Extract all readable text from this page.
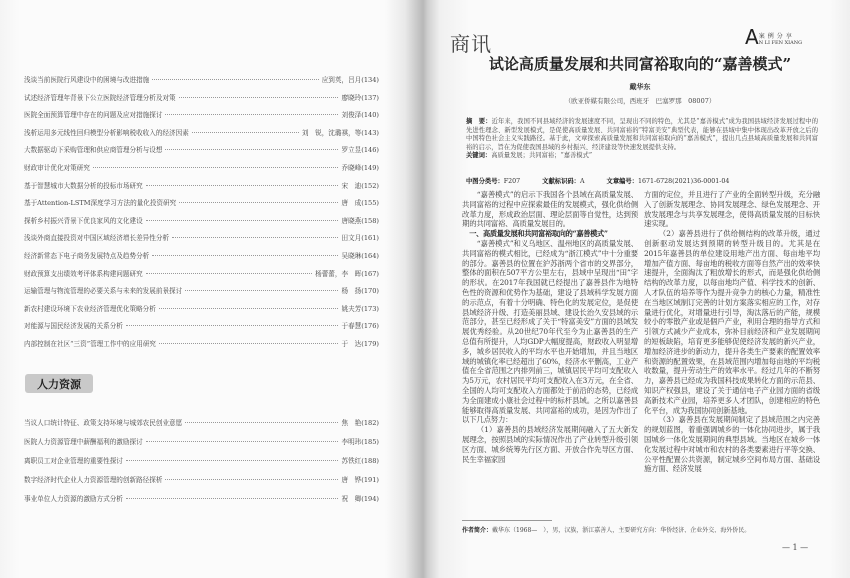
浅谈当前医院行风建设中的困境与改进措施	应到英，吕月 (134)
试述经济管理年背景下公立医院经济管理分析及对策	廖晓玲 (137)
医院全面预算管理中存在的问题及应对措施探讨	刘俊泽 (140)
浅析运用多元线性回归模型分析影响税收收入的经济因素	刘　锐，沈璐祺，等 (143)
大数据驱动下采购管理和供应商管理分析与设想	罗立昱 (146)
财政审计优化对策研究	乔晓峰 (149)
基于智慧城市大数据分析的投标市场研究	宋　迪 (152)
基于Attention-LSTM深度学习方法的量化投资研究	唐　成 (155)
探析乡村振兴背景下优良家风的文化建设	唐晓燕 (158)
浅谈外商直接投资对中国区域经济增长差异性分析	田文月 (161)
经济新常态下电子商务发展特点及趋势分析	吴晓琳 (164)
财政预算支出绩效考评体系构建问题研究	杨蕾蕾，李　晖 (167)
运输管理与物流管理的必要关系与未来的发展前景探讨	杨　扬 (170)
新农村建设环境下农业经济管理优化策略分析	姚夫芳 (173)
对能源与国民经济发展的关系分析	于春慧 (176)
内部控制在社区“三资”管理工作中的应用研究	于　达 (179)
人力资源
当议人口统计特征、政策支持环境与城郊农民创业意愿	焦　艳 (182)
医院人力资源管理中薪酬福利的激励探讨	李明玮 (185)
离职员工对企业管理的重要性探讨	苏铁红 (188)
数字经济时代企业人力资源管理的创新路径探析	唐　铧 (191)
事业单位人力资源的激励方式分析	祝　卿 (194)
商讯	A 案例分享
N LI FEN XIANG
试论高质量发展和共同富裕取向的“嘉善模式”
戴华东
（欧亚侨媒有限公司，西班牙　巴塞罗那　08007）
摘　要：近年来，我国不同县域经济的发展速度不同，呈现出不同的特色，尤其是“嘉善模式”成为我国县域经济发展过程中的先进性理念、新型发展模式，是促使高质量发展、共同富裕的“特富美安”典型代表，能够在县域中集中体现出改革开放之后的中国特色社会主义实践路径。基于此，文章探索高质量发展和共同富裕取向的“嘉善模式”，提出几点县域高质量发展和共同富裕的启示，旨在为促使我国县域的乡村振兴、经济建设等快速发展提供支持。
关键词：高质量发展；共同富裕；“嘉善模式”
中图分类号：F207	文献标识码：A	文章编号：1671-6728(2021)36-0001-04

“嘉善模式”的启示下我国各个县域在高质量发展、共同富裕的过程中应探索最佳的发展模式，强化供给侧改革力度，形成政治层面、理论层面等自觉性，达到预期的共同富裕、高质量发展目的。

一、高质量发展和共同富裕取向的“嘉善模式”

“嘉善模式”和义乌地区、温州地区的高质量发展、共同富裕的模式相比，已经成为“浙江模式”中十分重要的部分。嘉善县的位置在沪苏浙两个省市的交界部分，整体的面积在507平方公里左右，县域中呈现出“田”字的形状。在2017年我国就已经提出了嘉善县作为地特色性的资源和优势作为基础，建设了县域科学发展方面的示范点，有着十分明确、特色化的发展定位，是促使县域经济升级、打造美丽县域、建设长治久安县域的示范部分，甚至已经形成了关于“特富美安”方面的县域发展优秀经验。从20世纪70年代至今为止嘉善县的生产总值有所提升，人均GDP大幅度提高，财政收入明显增多，城乡居民收入的平均水平也开始增加，并且当地区域的城镇化率已经超出了60%，经济水平删高，工业产值在全省范围之内排列前三，城镇居民平均可支配收入为5万元，农村居民平均可支配收入在3万元，在全省、全国的人均可支配收入方面都处于前沿的态势，已经成为全面建成小康社会过程中的标杆县域。之所以嘉善县能够取得高质量发展、共同富裕的成功，是因为作出了以下几点努力：

（1）嘉善县的县域经济发展期间融入了五大新发展理念，按照县域的实际情况作出了产业转型升级引领区方面、城乡统筹先行区方面、开放合作先导区方面、民生幸福家园

方面的定位，并且进行了产业的全面转型升级，充分融入了创新发展理念、协同发展理念、绿色发展理念、开放发展理念与共享发展理念，使得高质量发展的目标快速实现。

（2）嘉善县进行了供给侧结构的改革升级，通过创新驱动发展达到预期的转型升级目的。尤其是在2015年嘉善县的单位建设用地产出方面、每亩地平均增加产值方面、每亩地的税收方面等自然产出的效率快速提升，全面淘汰了粗放增长的形式，而是强化供给侧结构的改革力度，以每亩地均产值、科学技术的创新、人才队伍的培养等作为提升竞争力的核心力量，精准性在当地区域制订完善的计划方案落实相应的工作，对存量进行优化，对增量进行引导，淘汰落后的产能，规模较小的零散产业或是個戶产业，利用合理的指导方式和引领方式减少产业成本，弥补目前经济和产业发展期间的短板缺陷，培育更多能够促使经济发展的新兴产业，增加经济进步的新动力，提升各类生产要素的配置效率和资源的配置效果，在县域范围内增加每亩地的平均税收数量，提升劳动生产的效率水平。经过几年的不断努力，嘉善县已经成为我国科技成果转化方面的示范县、知识产权强县，建设了关于通信电子产业园方面的省级高新技术产业园，培养更多人才团队，创建相应的特色化平台，成为我国协同创新基地。

（3）嘉善县在发展期间制定了县域范围之内完善的规划蓝图，着重强调城乡的一体化协同进步，属于我国城乡一体化发展期间的典型县域。当地区在城乡一体化发展过程中对城市和农村的各类要素进行平等交换、公平性配置公共资源，制定城乡空间布局方面、基础设施方面、经济发展

作者简介：戴华东（1968—　），男，汉族，浙江嘉善人，主要研究方向：华侨经济、企业外交、海外侨民。
— 1 —
